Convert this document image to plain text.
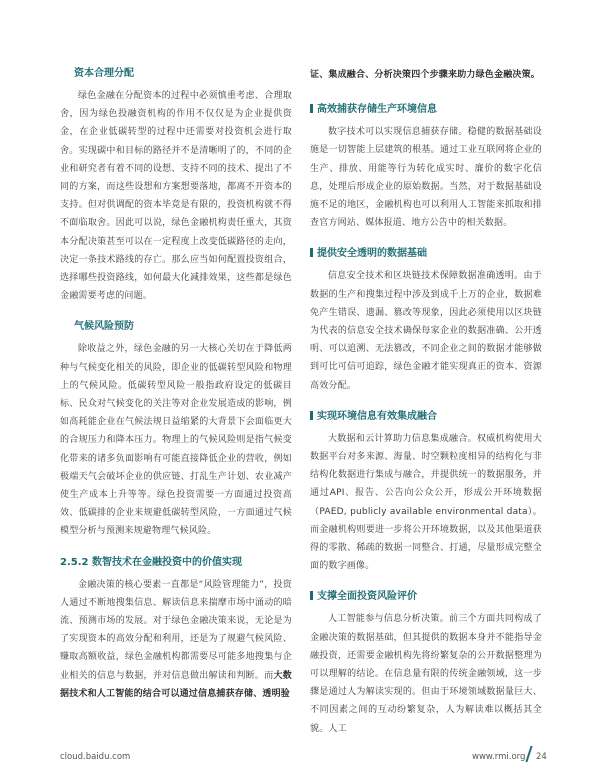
资本合理分配

绿色金融在分配资本的过程中必须慎重考虑、合理取舍，因为绿色投融资机构的作用不仅仅是为企业提供资金，在企业低碳转型的过程中还需要对投资机会进行取舍。实现碳中和目标的路径并不是清晰明了的，不同的企业和研究者有着不同的设想、支持不同的技术、提出了不同的方案，而这些设想和方案想要落地，都离不开资本的支持。但对供调配的资本毕竟是有限的，投资机构就不得不面临取舍。因此可以说，绿色金融机构责任重大，其资本分配决策甚至可以在一定程度上改变低碳路径的走向，决定一条技术路线的存亡。那么应当如何配置投资组合，选择哪些投资路线，如何最大化减排效果，这些都是绿色金融需要考虑的问题。

气候风险预防

除收益之外，绿色金融的另一大核心关切在于降低两种与气候变化相关的风险，即企业的低碳转型风险和物理上的气候风险。低碳转型风险一般指政府设定的低碳目标、民众对气候变化的关注等对企业发展造成的影响，例如高耗能企业在气候法规日益缩紧的大背景下会面临更大的合规压力和降本压力。物理上的气候风险则是指气候变化带来的诸多负面影响有可能直接降低企业的营收，例如极端天气会破坏企业的供应链、打乱生产计划、农业减产使生产成本上升等等。绿色投资需要一方面通过投资高效、低碳排的企业来规避低碳转型风险，一方面通过气候模型分析与预测来规避物理气候风险。

2.5.2 数智技术在金融投资中的价值实现

金融决策的核心要素一直都是“风险管理能力”，投资人通过不断地搜集信息、解读信息来揣摩市场中涌动的暗流、预测市场的发展。对于绿色金融决策来说，无论是为了实现资本的高效分配和利用，还是为了规避气候风险、赚取高额收益，绿色金融机构都需要尽可能多地搜集与企业相关的信息与数据，并对信息做出解读和判断。而大数据技术和人工智能的结合可以通过信息捕获存储、透明验

证、集成融合、分析决策四个步骤来助力绿色金融决策。

高效捕获存储生产环境信息

数字技术可以实现信息捕获存储。稳健的数据基础设施是一切智能上层建筑的根基。通过工业互联网将企业的生产、排放、用能等行为转化成实时、廉价的数字化信息，处理后形成企业的原始数据。当然，对于数据基础设施不足的地区，金融机构也可以利用人工智能来抓取和排查官方网站、媒体报道、地方公告中的相关数据。

提供安全透明的数据基础

信息安全技术和区块链技术保障数据准确透明。由于数据的生产和搜集过程中涉及到成千上万的企业，数据难免产生错误、遗漏、篡改等现象，因此必须使用以区块链为代表的信息安全技术确保每家企业的数据准确、公开透明、可以追溯、无法篡改，不同企业之间的数据才能够做到可比可信可追踪，绿色金融才能实现真正的资本、资源高效分配。

实现环境信息有效集成融合

大数据和云计算助力信息集成融合。权威机构使用大数据平台对多来源、海量、时空颗粒度相异的结构化与非结构化数据进行集成与融合，并提供统一的数据服务，并通过API、报告、公告向公众公开，形成公开环境数据（PAED, publicly available environmental data）。而金融机构则要进一步将公开环境数据，以及其他渠道获得的零散、稀疏的数据一同整合、打通，尽量形成完整全面的数字画像。

支撑全面投资风险评价

人工智能参与信息分析决策。前三个方面共同构成了金融决策的数据基础，但其提供的数据本身并不能指导金融投资，还需要金融机构先将纷繁复杂的公开数据整理为可以理解的结论。在信息量有限的传统金融领域，这一步骤是通过人为解读实现的。但由于环境领域数据量巨大、不同因素之间的互动纷繁复杂，人为解读难以概括其全貌。人工

cloud.baidu.com	www.rmi.org 24
